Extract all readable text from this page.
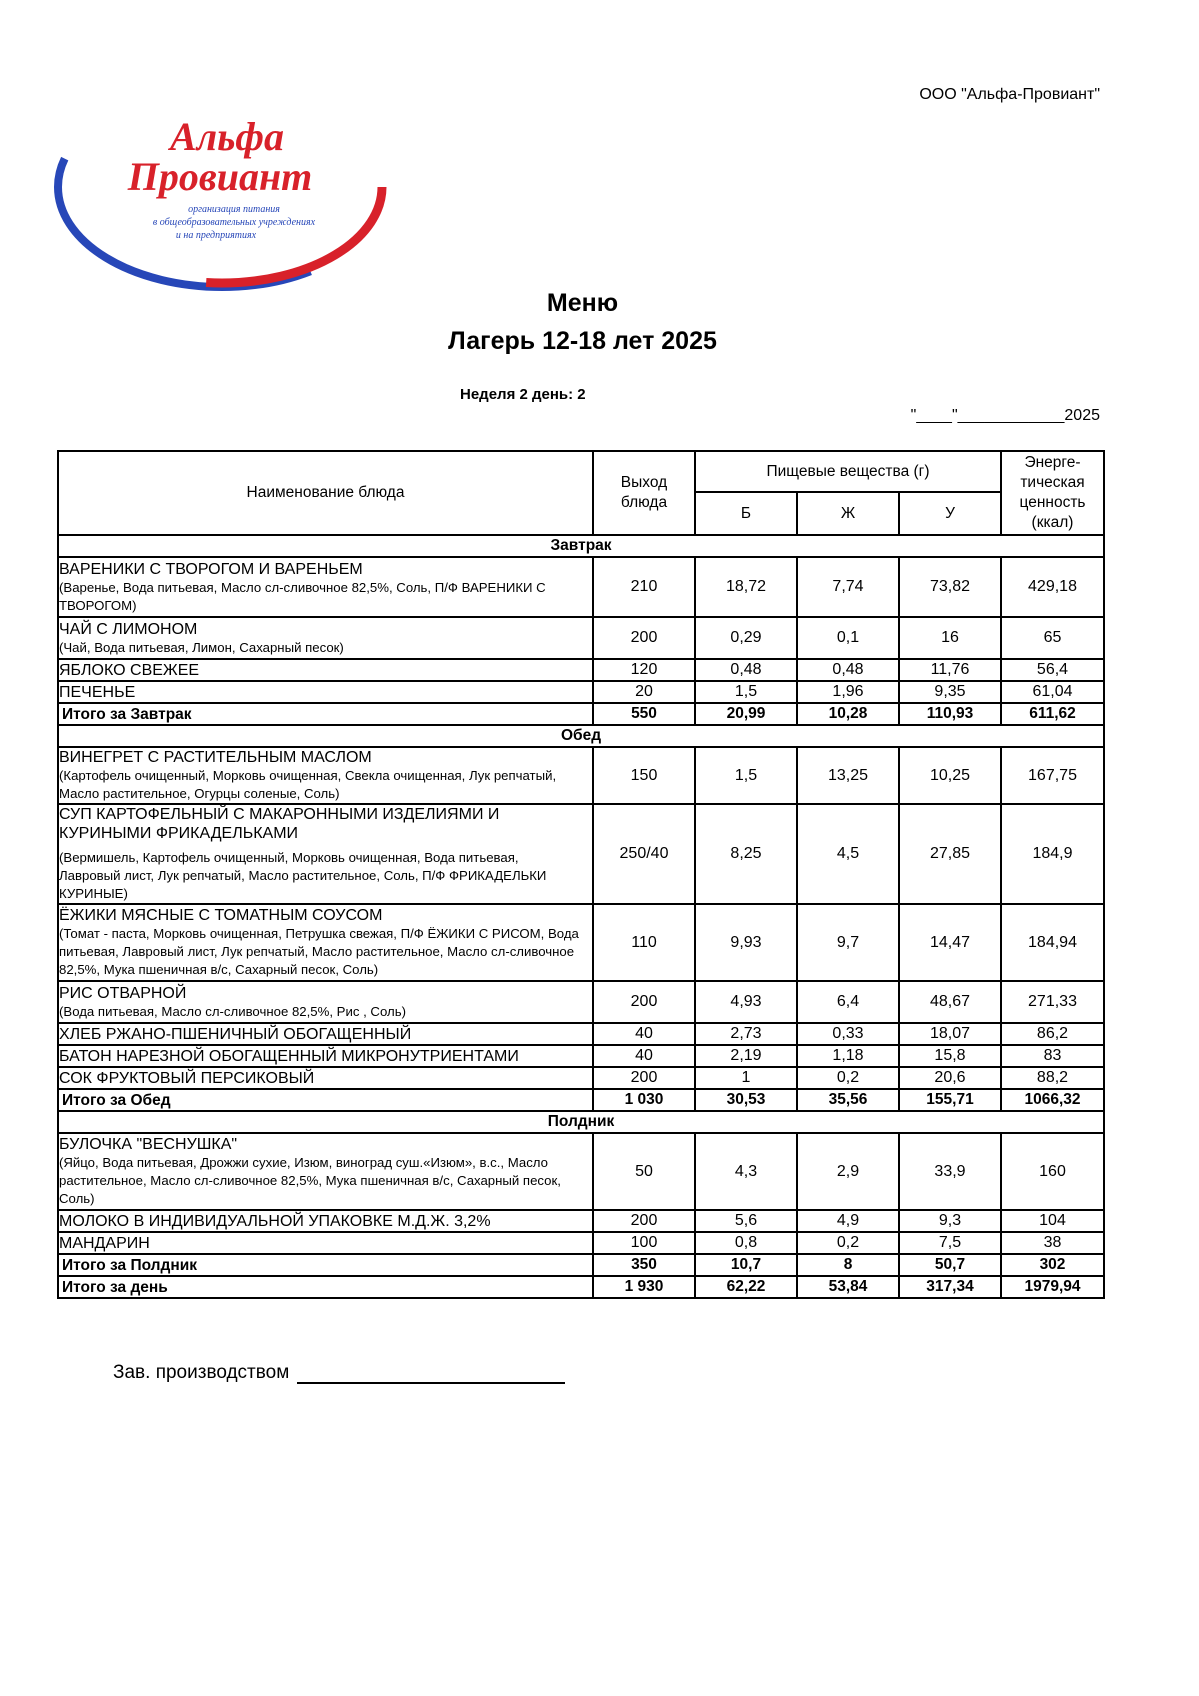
ООО "Альфа-Провиант"
Альфа
Провиант
организация питания
в общеобразовательных учреждениях
и на предприятиях
Меню
Лагерь 12-18 лет 2025
Неделя 2 день: 2
"____"____________2025
Наименование блюда	Выход блюда	Пищевые вещества (г)			Энерге-тическая ценность (ккал)

		Б	Ж	У	
Завтрак					
ВАРЕНИКИ С ТВОРОГОМ И ВАРЕНЬЕМ
(Варенье, Вода питьевая, Масло сл-сливочное 82,5%, Соль, П/Ф ВАРЕНИКИ С ТВОРОГОМ)	210	18,72	7,74	73,82	429,18
ЧАЙ С ЛИМОНОМ
(Чай, Вода питьевая, Лимон, Сахарный песок)	200	0,29	0,1	16	65
ЯБЛОКО СВЕЖЕЕ	120	0,48	0,48	11,76	56,4
ПЕЧЕНЬЕ	20	1,5	1,96	9,35	61,04
Итого за Завтрак	550	20,99	10,28	110,93	611,62
Обед					
ВИНЕГРЕТ С РАСТИТЕЛЬНЫМ МАСЛОМ
(Картофель очищенный, Морковь очищенная, Свекла очищенная, Лук репчатый, Масло растительное, Огурцы соленые, Соль)	150	1,5	13,25	10,25	167,75
СУП КАРТОФЕЛЬНЫЙ С МАКАРОННЫМИ ИЗДЕЛИЯМИ И КУРИНЫМИ ФРИКАДЕЛЬКАМИ
(Вермишель, Картофель очищенный, Морковь очищенная, Вода питьевая, Лавровый лист, Лук репчатый, Масло растительное, Соль, П/Ф ФРИКАДЕЛЬКИ КУРИНЫЕ)	250/40	8,25	4,5	27,85	184,9
ЁЖИКИ МЯСНЫЕ С ТОМАТНЫМ СОУСОМ
(Томат - паста, Морковь очищенная, Петрушка свежая, П/Ф ЁЖИКИ С РИСОМ, Вода питьевая, Лавровый лист, Лук репчатый, Масло растительное, Масло сл-сливочное 82,5%, Мука пшеничная в/с, Сахарный песок, Соль)	110	9,93	9,7	14,47	184,94
РИС ОТВАРНОЙ
(Вода питьевая, Масло сл-сливочное 82,5%, Рис , Соль)	200	4,93	6,4	48,67	271,33
ХЛЕБ РЖАНО-ПШЕНИЧНЫЙ ОБОГАЩЕННЫЙ	40	2,73	0,33	18,07	86,2
БАТОН НАРЕЗНОЙ ОБОГАЩЕННЫЙ МИКРОНУТРИЕНТАМИ	40	2,19	1,18	15,8	83
СОК ФРУКТОВЫЙ ПЕРСИКОВЫЙ	200	1	0,2	20,6	88,2
Итого за Обед	1 030	30,53	35,56	155,71	1066,32
Полдник					
БУЛОЧКА "ВЕСНУШКА"
(Яйцо, Вода питьевая, Дрожжи сухие, Изюм, виноград суш.«Изюм», в.с., Масло растительное, Масло сл-сливочное 82,5%, Мука пшеничная в/с, Сахарный песок, Соль)	50	4,3	2,9	33,9	160
МОЛОКО В ИНДИВИДУАЛЬНОЙ УПАКОВКЕ М.Д.Ж. 3,2%	200	5,6	4,9	9,3	104
МАНДАРИН	100	0,8	0,2	7,5	38
Итого за Полдник	350	10,7	8	50,7	302
Итого за день	1 930	62,22	53,84	317,34	1979,94
Зав. производством
